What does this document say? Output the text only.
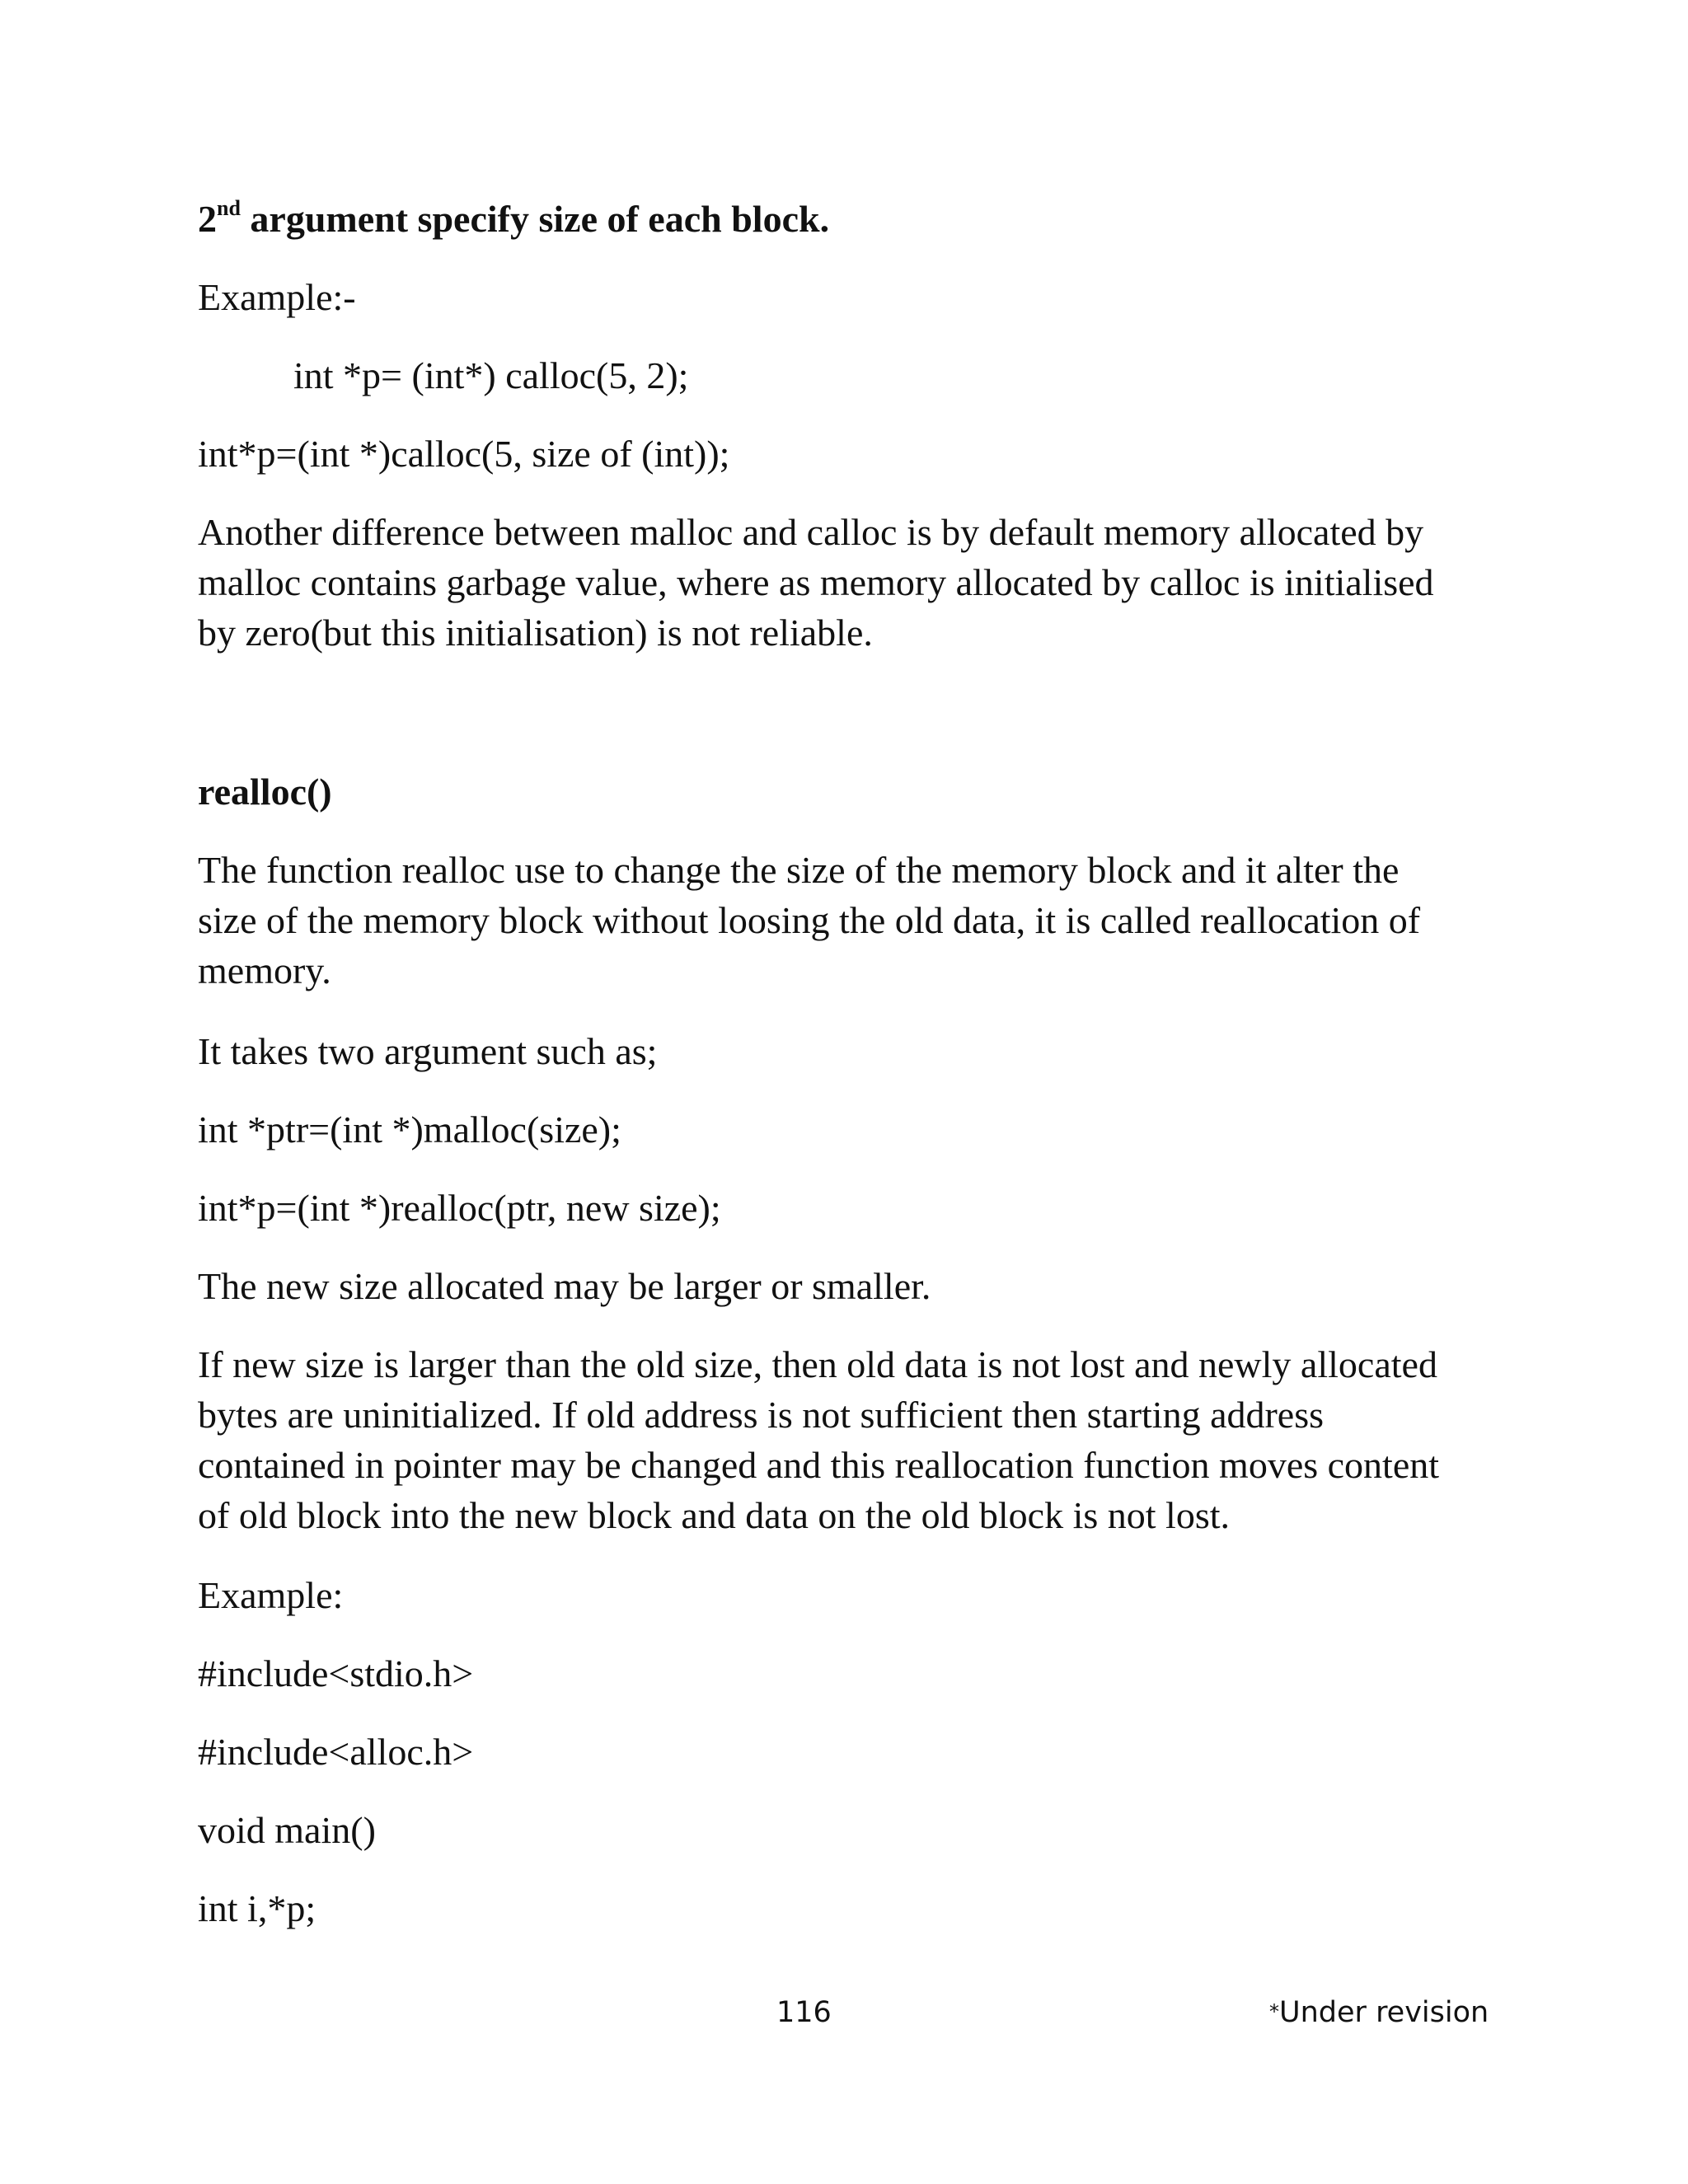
2nd argument specify size of each block.
Example:-
int *p= (int*) calloc(5, 2);
int*p=(int *)calloc(5, size of (int));
Another difference between malloc and calloc is by default memory allocated by
malloc contains garbage value, where as memory allocated by calloc is initialised
by zero(but this initialisation) is not reliable.
realloc()
The function realloc use to change the size of the memory block and it alter the
size of the memory block without loosing the old data, it is called reallocation of
memory.
It takes two argument such as;
int *ptr=(int *)malloc(size);
int*p=(int *)realloc(ptr, new size);
The new size allocated may be larger or smaller.
If new size is larger than the old size, then old data is not lost and newly allocated
bytes are uninitialized. If old address is not sufficient then starting address
contained in pointer may be changed and this reallocation function moves content
of old block into the new block and data on the old block is not lost.
Example:
#include<stdio.h>
#include<alloc.h>
void main()
int i,*p;
116	*Under revision
